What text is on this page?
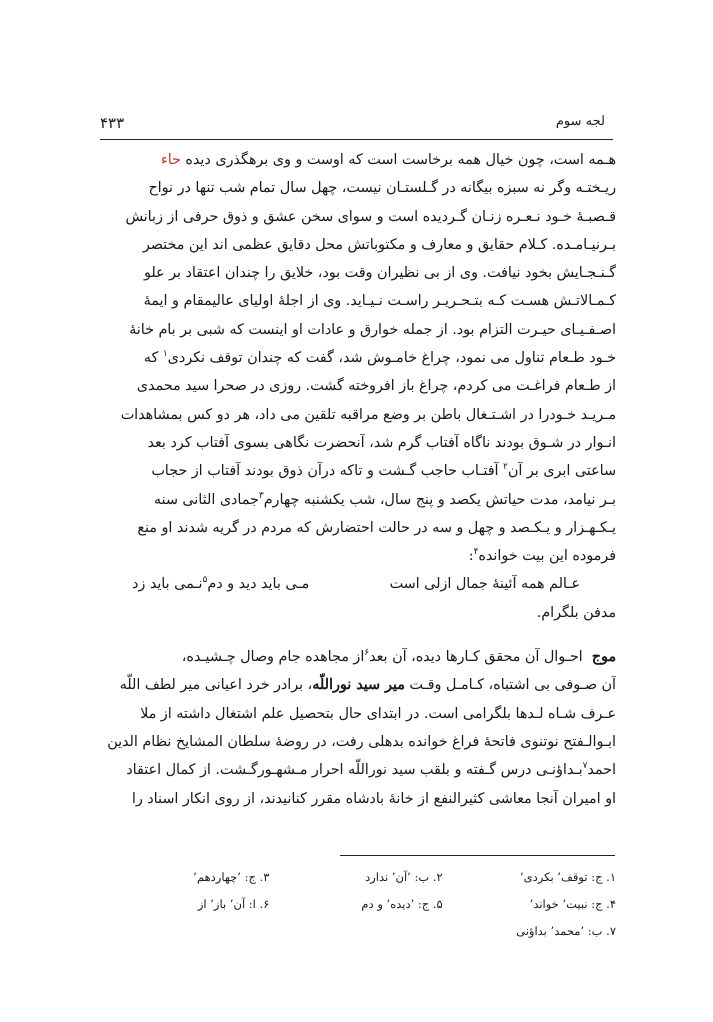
۴۳۳	لجه سوم
هـمه است، چون خیال همه برخاست است که اوست و وی برهگذری دیده حاء
ریـختـه وگر نه سبزه بیگانه در گـلستـان نیست، چهل سال تمام شب تنها در نواح
قـصبـهٔ خـود نـعـره زنـان گـردیده است و سوای سخن عشق و ذوق حرفی از زبانش
بـرنیـامـده. کـلام حقایق و معارف و مکتوباتش محل دقایق عظمی اند این مختصر
گـنـجـایش بخود نیافت. وی از بی نظیران وقت بود، خلایق را چندان اعتقاد بر علو
کـمـالاتـش هسـت کـه بتـحـریـر راسـت نـیـاید. وی از اجلهٔ اولیای عالیمقام و ایمهٔ
اصـفـیـای حیـرت التزام بود. از جمله خوارق و عادات او اینست که شبی بر بام خانهٔ
خـود طـعام تناول می نمود، چراغ خامـوش شد، گفت که چندان توقف نکردی$^۱$ که
از طـعام فراغـت می کردم، چراغ باز افروخته گشت. روزی در صحرا سید محمدی
مـریـد خـودرا در اشـتـغال باطن بر وضع مراقبه تلقین می داد، هر دو کس بمشاهدات
انـوار در شـوق بودند ناگاه آفتاب گرم شد، آنحضرت نگاهی بسوی آفتاب کرد بعد
ساعتی ابری بر آن$^۲$ آفتـاب حاجب گـشت و تاکه درآن ذوق بودند آفتاب از حجاب
بـر نیامد، مدت حیاتش یکصد و پنج سال، شب یکشنبه چهارم$^۳$جمادی الثانی سنه
یـکـهـزار و یـکـصد و چهل و سه در حالت احتضارش که مردم در گریه شدند او منع
فرموده این بیت خوانده$^۴$:
عـالم همه آئینهٔ جمال ازلی است
مـی باید دید و دم$^۵$نـمی باید زد
مدفن بلگرام.
موج  احـوال آن محقق کـارها دیده، آن بعد$^۶$از مجاهده جام وصال چـشیـده،
آن صـوفی بی اشتباه، کـامـل وقـت میر سید نوراللّه، برادر خرد اعیانی میر لطف اللّه
عـرف شـاه لـدها بلگرامی است. در ابتدای حال بتحصیل علم اشتغال داشته از ملا
ابـوالـفتح نوتنوی فاتحهٔ فراغ خوانده بدهلی رفت، در روضهٔ سلطان المشایخ نظام الدین
احمد$^۷$بـداؤنـی درس گـفته و بلقب سید نوراللّه احرار مـشهـورگـشت. از کمال اعتقاد
او امیران آنجا معاشی کثیرالنفع از خانهٔ بادشاه مقرر کنانیدند، از روی انکار اسناد را
۱. ج: توقف٬ بکردی٬
۲. ب: ٬آن٬ ندارد
۳. ج: ٬چهاردهم٬
۴. ج: نبیت٬ خواند٬
۵. ج: ٬دیده٬ و دم
۶. ا: آن٬ باز٬ از
۷. ب: ٬محمد٬ بداؤنی
